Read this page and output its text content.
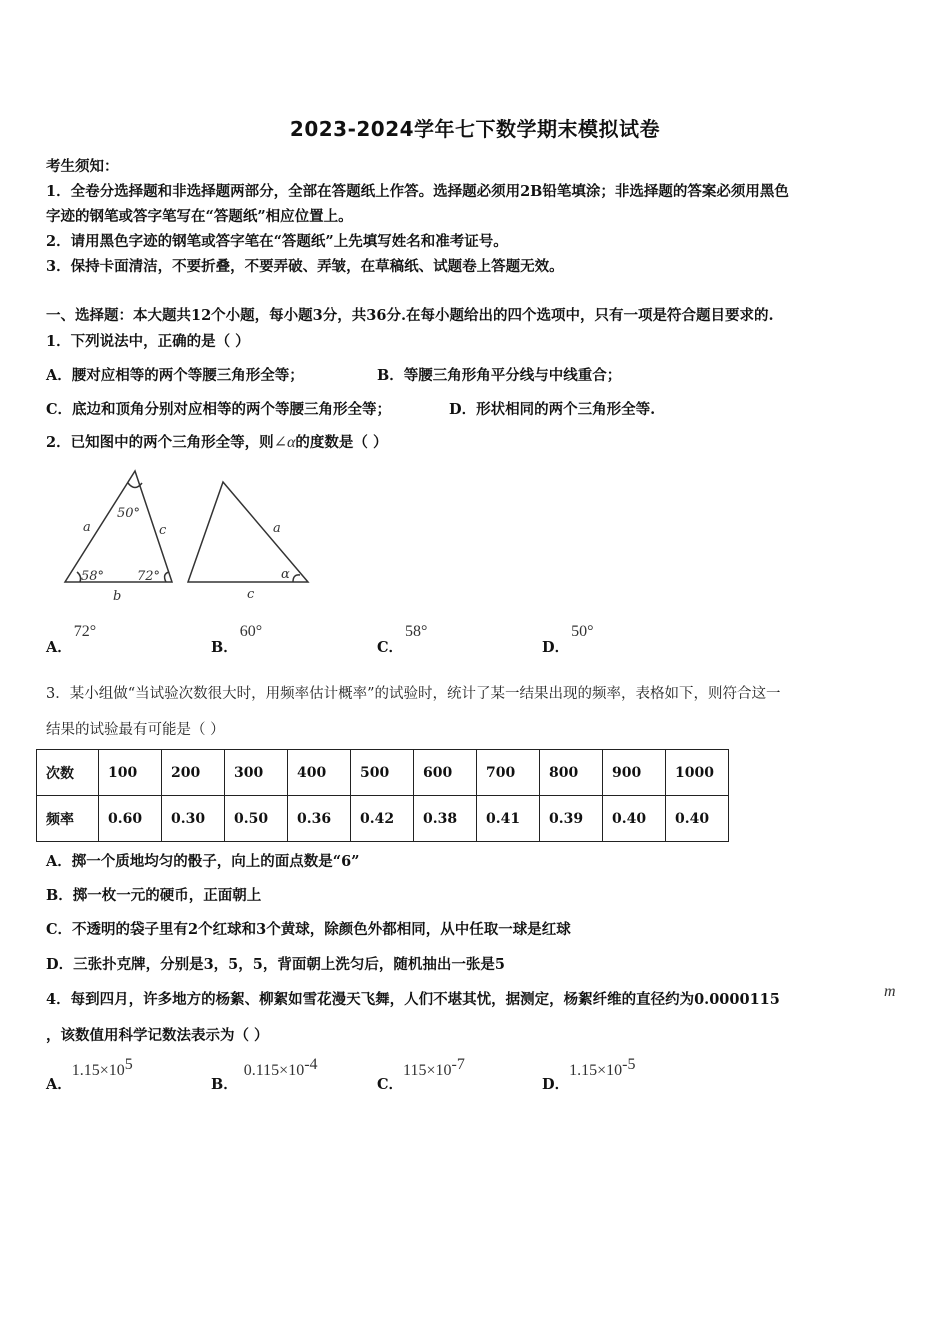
2023-2024学年七下数学期末模拟试卷
考生须知：
1．全卷分选择题和非选择题两部分，全部在答题纸上作答。选择题必须用2B铅笔填涂；非选择题的答案必须用黑色
字迹的钢笔或答字笔写在“答题纸”相应位置上。
2．请用黑色字迹的钢笔或答字笔在“答题纸”上先填写姓名和准考证号。
3．保持卡面清洁，不要折叠，不要弄破、弄皱，在草稿纸、试题卷上答题无效。
一、选择题：本大题共12个小题，每小题3分，共36分.在每小题给出的四个选项中，只有一项是符合题目要求的.
1．下列说法中，正确的是（ ）
A．腰对应相等的两个等腰三角形全等；	B．等腰三角形角平分线与中线重合；
C．底边和顶角分别对应相等的两个等腰三角形全等；	D．形状相同的两个三角形全等.
2．已知图中的两个三角形全等，则∠α的度数是（ ）
50°
58°	72°
a	c
b
a
c
α
A．72°
B．60°
C．58°
D．50°
3．某小组做“当试验次数很大时，用频率估计概率”的试验时，统计了某一结果出现的频率，表格如下，则符合这一
结果的试验最有可能是（ ）
次数	100	200	300	400	500	600	700	800	900	1000
频率	0.60	0.30	0.50	0.36	0.42	0.38	0.41	0.39	0.40	0.40
A．掷一个质地均匀的骰子，向上的面点数是“6”
B．掷一枚一元的硬币，正面朝上
C．不透明的袋子里有2个红球和3个黄球，除颜色外都相同，从中任取一球是红球
D．三张扑克牌，分别是3，5，5，背面朝上洗匀后，随机抽出一张是5
4．每到四月，许多地方的杨絮、柳絮如雪花漫天飞舞，人们不堪其忧，据测定，杨絮纤维的直径约为0.0000115	m
，该数值用科学记数法表示为（ ）
A．$1.15\times 10^5$
B．$0.115\times 10^{-4}$
C．$115\times 10^{-7}$
D．$1.15\times 10^{-5}$
